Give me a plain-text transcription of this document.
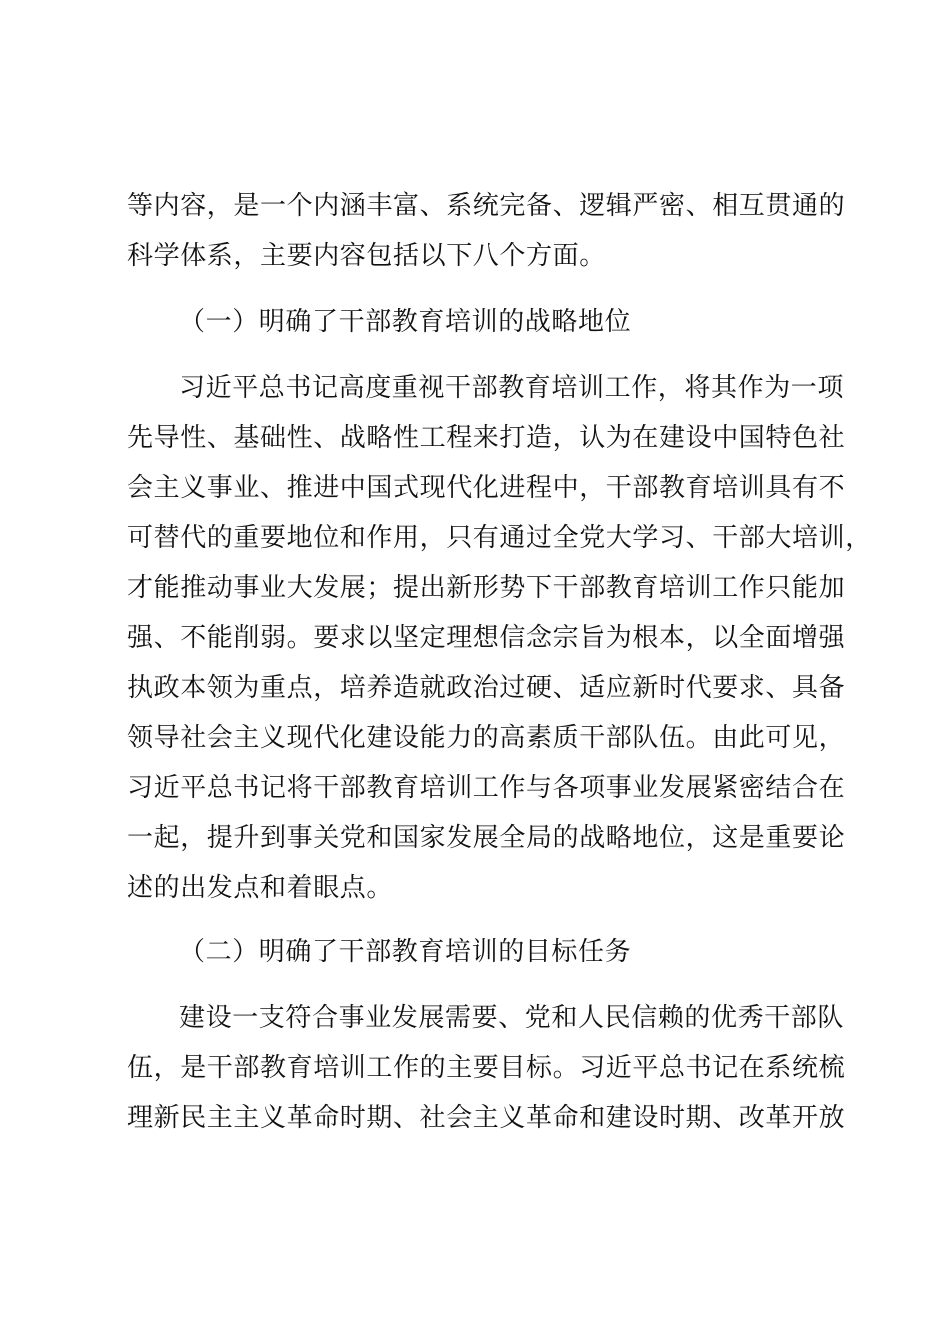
等内容，是一个内涵丰富、系统完备、逻辑严密、相互贯通的
科学体系，主要内容包括以下八个方面。
（一）明确了干部教育培训的战略地位
习近平总书记高度重视干部教育培训工作，将其作为一项
先导性、基础性、战略性工程来打造，认为在建设中国特色社
会主义事业、推进中国式现代化进程中，干部教育培训具有不
可替代的重要地位和作用，只有通过全党大学习、干部大培训，
才能推动事业大发展；提出新形势下干部教育培训工作只能加
强、不能削弱。要求以坚定理想信念宗旨为根本，以全面增强
执政本领为重点，培养造就政治过硬、适应新时代要求、具备
领导社会主义现代化建设能力的高素质干部队伍。由此可见，
习近平总书记将干部教育培训工作与各项事业发展紧密结合在
一起，提升到事关党和国家发展全局的战略地位，这是重要论
述的出发点和着眼点。
（二）明确了干部教育培训的目标任务
建设一支符合事业发展需要、党和人民信赖的优秀干部队
伍，是干部教育培训工作的主要目标。习近平总书记在系统梳
理新民主主义革命时期、社会主义革命和建设时期、改革开放
